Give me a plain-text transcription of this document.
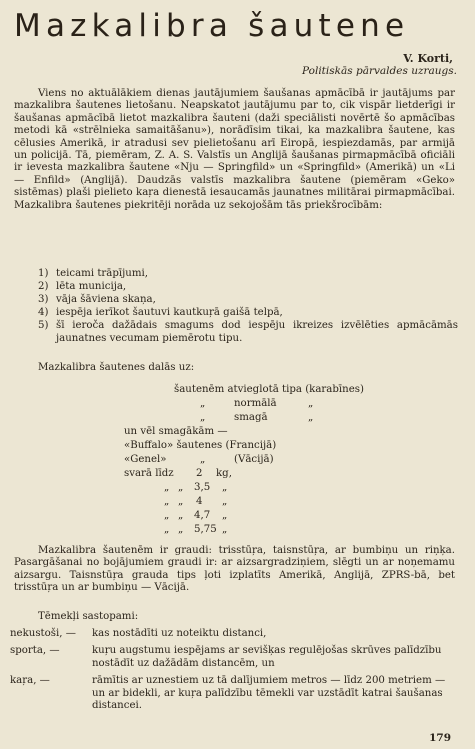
Mazkalibra šautene
V. Korti,
Politiskās pārvaldes uzraugs.

Viens no aktuālākiem dienas jautājumiem šaušanas apmācībā ir jautājums par mazkalibra šautenes lietošanu. Neapskatot jautājumu par to, cik vispār lietderīgi ir šaušanas apmācībā lietot mazkalibra šauteni (daži speciālisti novērtē šo apmācības metodi kā «strēlnieka samaitāšanu»), norādīsim tikai, ka mazkalibra šautene, kas cēlusies Amerikā, ir atradusi sev pielietošanu arī Eiropā, iespiezdamās, par armijā un policijā. Tā, piemēram, Z. A. S. Valstīs un Anglijā šaušanas pirmapmācībā oficiāli ir ievesta mazkalibra šautene «Nju — Springfild» un «Springfild» (Amerikā) un «Li — Enfild» (Anglijā). Daudzās valstīs mazkalibra šautene (piemēram «Geko» sistēmas) plaši pielieto kaŗa dienestā iesaucamās jaunatnes militārai pirmapmācībai. Mazkalibra šautenes piekritēji norāda uz sekojošām tās priekšrocībām:

1) teicami trāpījumi,
2) lēta municija,
3) vāja šāviena skaņa,
4) iespēja ierīkot šautuvi kautkuŗā gaišā telpā,
5) šī ieroča dažādais smagums dod iespēju ikreizes izvēlēties apmācāmās jaunatnes vecumam piemērotu tipu.
Mazkalibra šautenes dalās uz:
šautenēm atvieglotā tipa (karabīnes)
„	normālā	„
„	smagā	„
un vēl smagākām —
«Buffalo» šautenes (Francijā)
«Genel»	„	(Vācijā)
svarā līdz 2 kg,
„ „ 3,5 „
„ „ 4 „
„ „ 4,7 „
„ „ 5,75 „

Mazkalibra šautenēm ir graudi: trisstūŗa, taisnstūŗa, ar bumbiņu un riņķa. Pasargāšanai no bojājumiem graudi ir: ar aizsargradziņiem, slēgti un ar noņemamu aizsargu. Taisnstūŗa grauda tips ļoti izplatīts Amerikā, Anglijā, ZPRS-bā, bet trisstūŗa un ar bumbiņu — Vācijā.

Tēmekļi sastopami:
nekustoši, —	kas nostādīti uz noteiktu distanci,
sporta, —	kuŗu augstumu iespējams ar sevišķas regulējošas skrūves palīdzību nostādīt uz dažādām distancēm, un
kaŗa, —	rāmītis ar uznestiem uz tā dalījumiem metros — līdz 200 metriem — un ar bidekli, ar kuŗa palīdzību tēmekli var uzstādīt katrai šaušanas distancei.
179
